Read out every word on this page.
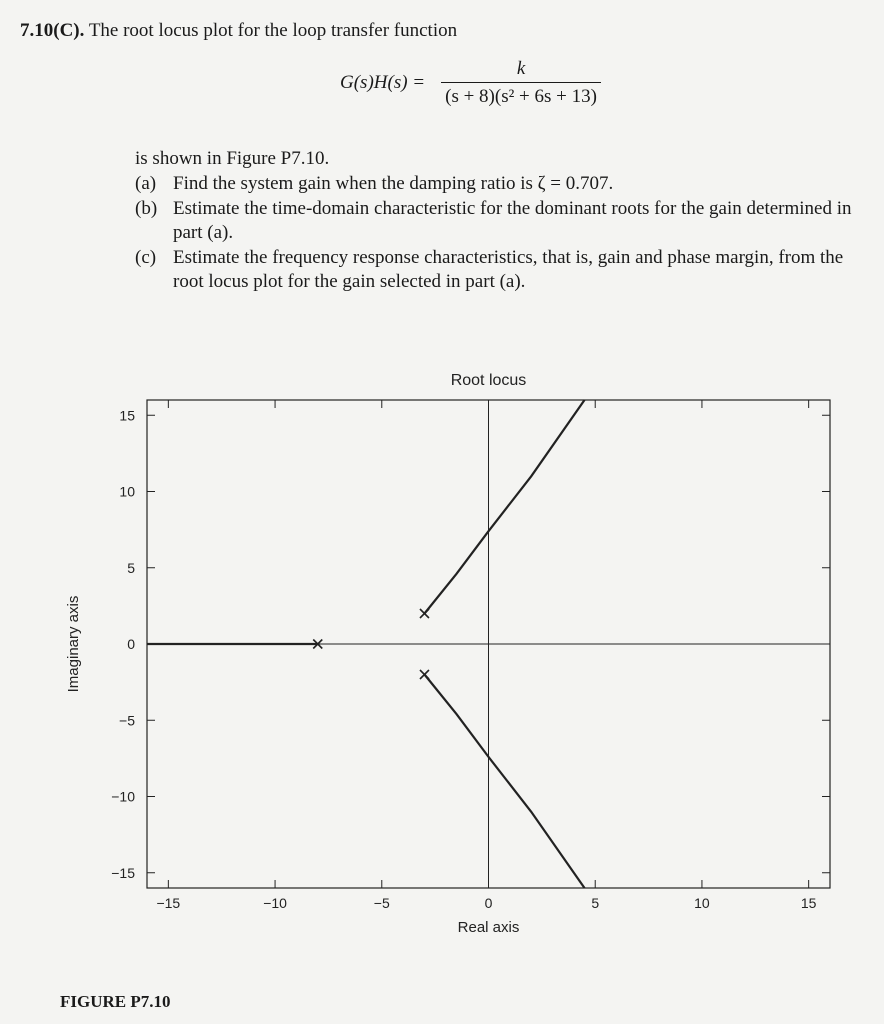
7.10(C). The root locus plot for the loop transfer function
$G(s)H(s) = \frac{k}{\text{(s + 8)(s² + 6s + 13)}}$
is shown in Figure P7.10.
(a) Find the system gain when the damping ratio is ζ = 0.707.
(b) Estimate the time-domain characteristic for the dominant roots for the gain determined in part (a).
(c) Estimate the frequency response characteristics, that is, gain and phase margin, from the root locus plot for the gain selected in part (a).
Root locus
−15	−10	−5	0	5	10	15
15
10
5
0
−5
−10
−15
Real axis
Imaginary axis
FIGURE P7.10
